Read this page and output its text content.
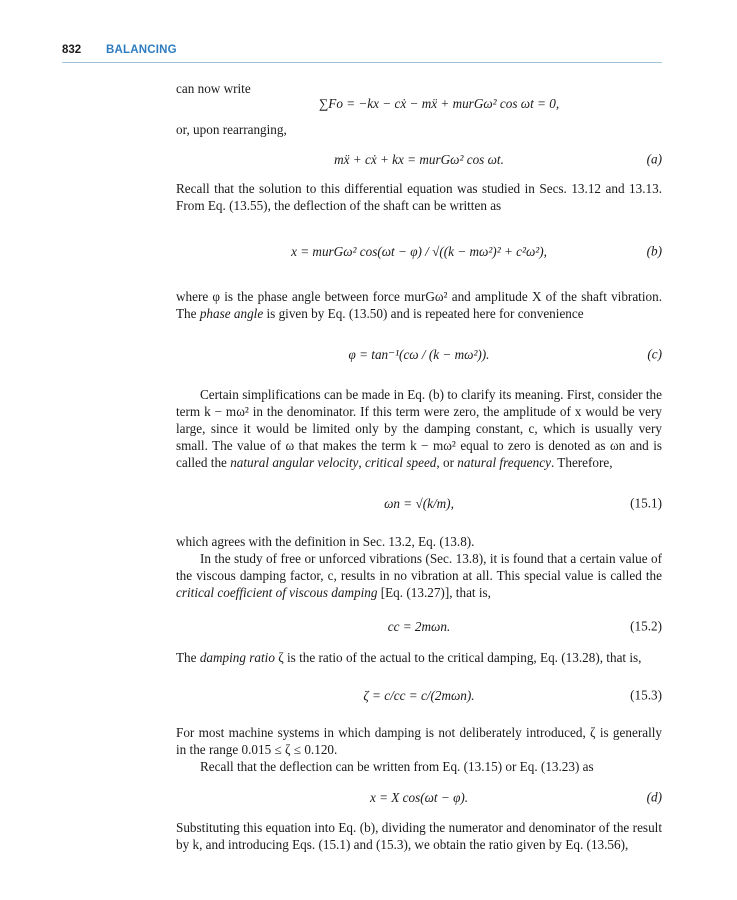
832 BALANCING

can now write

∑Fo = −kx − cẋ − mẍ + murGω² cos ωt = 0,

or, upon rearranging,

mẍ + cẋ + kx = murGω² cos ωt.	(a)

Recall that the solution to this differential equation was studied in Secs. 13.12 and 13.13. From Eq. (13.55), the deflection of the shaft can be written as

x = murGω² cos(ωt − φ) / √((k − mω²)² + c²ω²),	(b)

where φ is the phase angle between force murGω² and amplitude X of the shaft vibration. The phase angle is given by Eq. (13.50) and is repeated here for convenience

φ = tan⁻¹(cω / (k − mω²)).	(c)

Certain simplifications can be made in Eq. (b) to clarify its meaning. First, consider the term k − mω² in the denominator. If this term were zero, the amplitude of x would be very large, since it would be limited only by the damping constant, c, which is usually very small. The value of ω that makes the term k − mω² equal to zero is denoted as ωn and is called the natural angular velocity, critical speed, or natural frequency. Therefore,

ωn = √(k/m),	(15.1)

which agrees with the definition in Sec. 13.2, Eq. (13.8).

In the study of free or unforced vibrations (Sec. 13.8), it is found that a certain value of the viscous damping factor, c, results in no vibration at all. This special value is called the critical coefficient of viscous damping [Eq. (13.27)], that is,

cc = 2mωn.	(15.2)

The damping ratio ζ is the ratio of the actual to the critical damping, Eq. (13.28), that is,

ζ = c/cc = c/(2mωn).	(15.3)

For most machine systems in which damping is not deliberately introduced, ζ is generally in the range 0.015 ≤ ζ ≤ 0.120.

Recall that the deflection can be written from Eq. (13.15) or Eq. (13.23) as

x = X cos(ωt − φ).	(d)

Substituting this equation into Eq. (b), dividing the numerator and denominator of the result by k, and introducing Eqs. (15.1) and (15.3), we obtain the ratio given by Eq. (13.56),
